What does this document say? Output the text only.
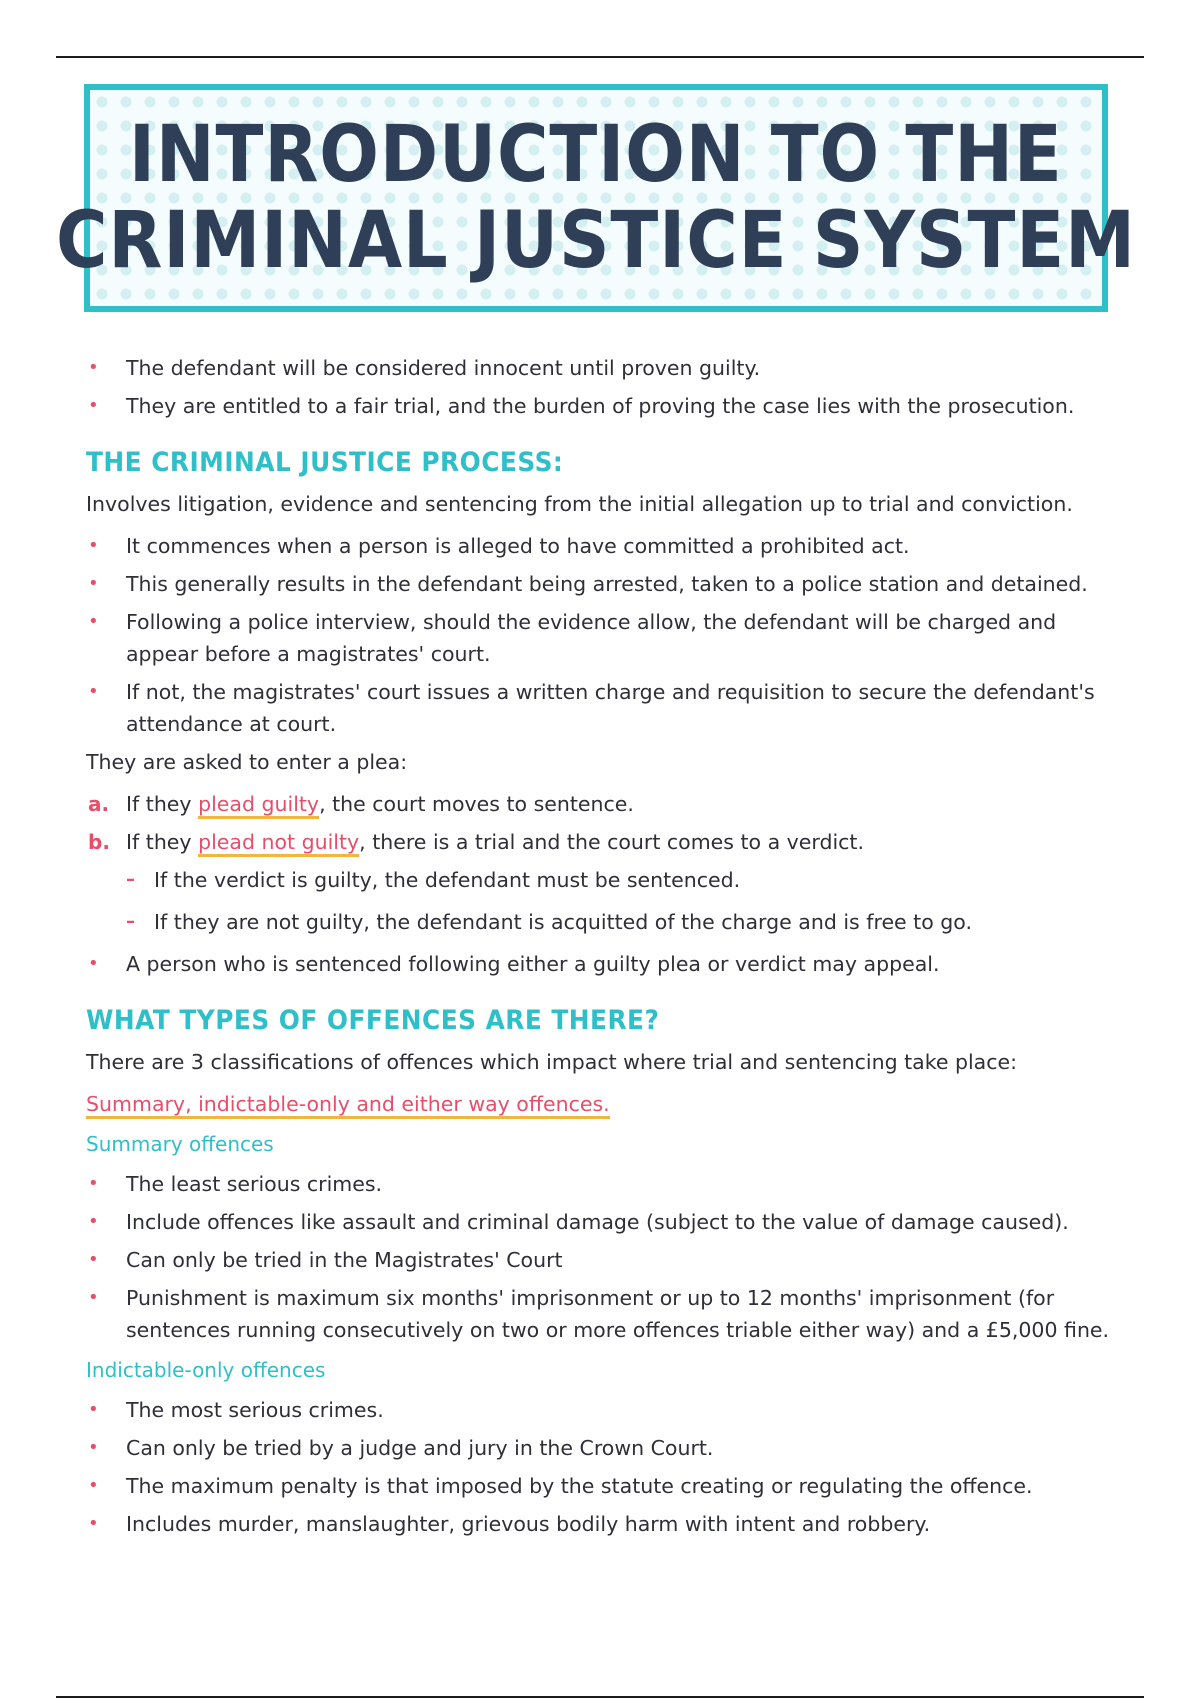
INTRODUCTION TO THE
CRIMINAL JUSTICE SYSTEM
• The defendant will be considered innocent until proven guilty.
• They are entitled to a fair trial, and the burden of proving the case lies with the prosecution.
THE CRIMINAL JUSTICE PROCESS:

Involves litigation, evidence and sentencing from the initial allegation up to trial and conviction.

• It commences when a person is alleged to have committed a prohibited act.
• This generally results in the defendant being arrested, taken to a police station and detained.
• Following a police interview, should the evidence allow, the defendant will be charged and appear before a magistrates' court.
• If not, the magistrates' court issues a written charge and requisition to secure the defendant's attendance at court.

They are asked to enter a plea:

a. If they plead guilty, the court moves to sentence.
b. If they plead not guilty, there is a trial and the court comes to a verdict.
– If the verdict is guilty, the defendant must be sentenced.
– If they are not guilty, the defendant is acquitted of the charge and is free to go.
• A person who is sentenced following either a guilty plea or verdict may appeal.
WHAT TYPES OF OFFENCES ARE THERE?

There are 3 classifications of offences which impact where trial and sentencing take place:

Summary, indictable-only and either way offences.

Summary offences
• The least serious crimes.
• Include offences like assault and criminal damage (subject to the value of damage caused).
• Can only be tried in the Magistrates' Court
• Punishment is maximum six months' imprisonment or up to 12 months' imprisonment (for sentences running consecutively on two or more offences triable either way) and a £5,000 fine.
Indictable-only offences
• The most serious crimes.
• Can only be tried by a judge and jury in the Crown Court.
• The maximum penalty is that imposed by the statute creating or regulating the offence.
• Includes murder, manslaughter, grievous bodily harm with intent and robbery.
